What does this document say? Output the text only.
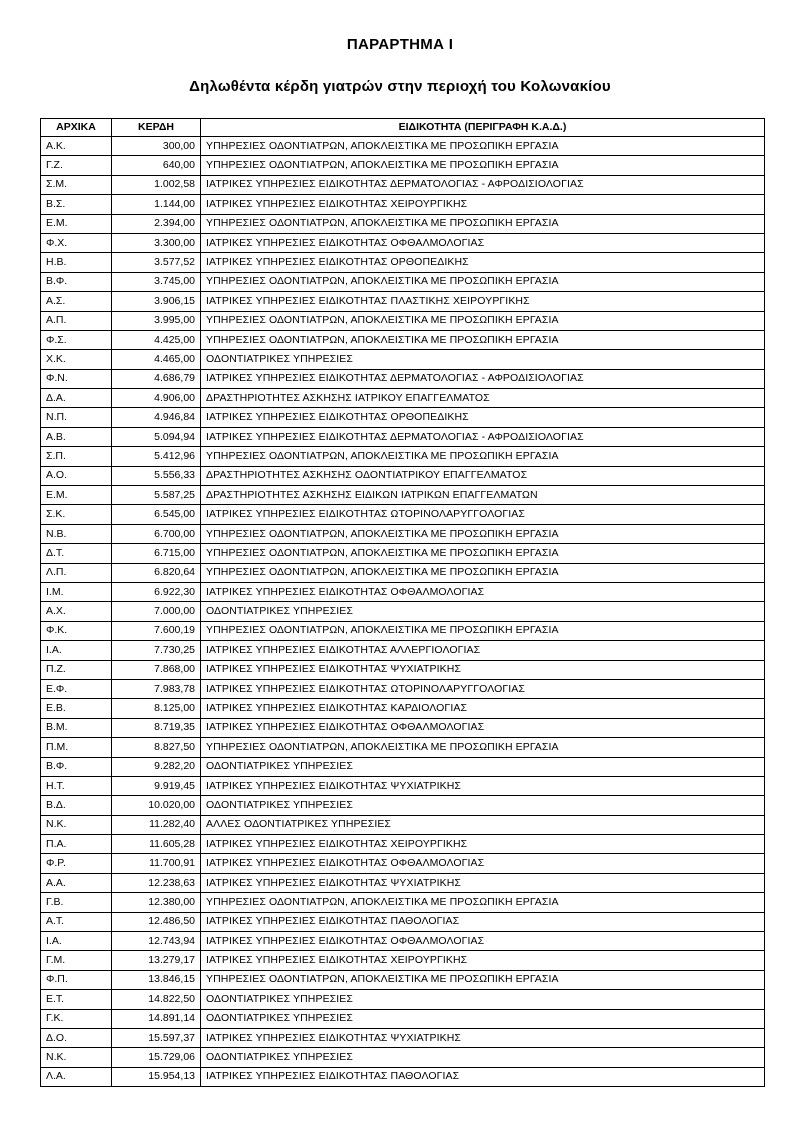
ΠΑΡΑΡΤΗΜΑ Ι
Δηλωθέντα κέρδη γιατρών στην περιοχή του Κολωνακίου
ΑΡΧΙΚΑ	ΚΕΡΔΗ	ΕΙΔΙΚΟΤΗΤΑ (ΠΕΡΙΓΡΑΦΗ Κ.Α.Δ.)
Α.Κ.	300,00	ΥΠΗΡΕΣΙΕΣ ΟΔΟΝΤΙΑΤΡΩΝ, ΑΠΟΚΛΕΙΣΤΙΚΑ ΜΕ ΠΡΟΣΩΠΙΚΗ ΕΡΓΑΣΙΑ
Γ.Ζ.	640,00	ΥΠΗΡΕΣΙΕΣ ΟΔΟΝΤΙΑΤΡΩΝ, ΑΠΟΚΛΕΙΣΤΙΚΑ ΜΕ ΠΡΟΣΩΠΙΚΗ ΕΡΓΑΣΙΑ
Σ.Μ.	1.002,58	ΙΑΤΡΙΚΕΣ ΥΠΗΡΕΣΙΕΣ ΕΙΔΙΚΟΤΗΤΑΣ ΔΕΡΜΑΤΟΛΟΓΙΑΣ - ΑΦΡΟΔΙΣΙΟΛΟΓΙΑΣ
Β.Σ.	1.144,00	ΙΑΤΡΙΚΕΣ ΥΠΗΡΕΣΙΕΣ ΕΙΔΙΚΟΤΗΤΑΣ ΧΕΙΡΟΥΡΓΙΚΗΣ
Ε.Μ.	2.394,00	ΥΠΗΡΕΣΙΕΣ ΟΔΟΝΤΙΑΤΡΩΝ, ΑΠΟΚΛΕΙΣΤΙΚΑ ΜΕ ΠΡΟΣΩΠΙΚΗ ΕΡΓΑΣΙΑ
Φ.Χ.	3.300,00	ΙΑΤΡΙΚΕΣ ΥΠΗΡΕΣΙΕΣ ΕΙΔΙΚΟΤΗΤΑΣ ΟΦΘΑΛΜΟΛΟΓΙΑΣ
Η.Β.	3.577,52	ΙΑΤΡΙΚΕΣ ΥΠΗΡΕΣΙΕΣ ΕΙΔΙΚΟΤΗΤΑΣ ΟΡΘΟΠΕΔΙΚΗΣ
Β.Φ.	3.745,00	ΥΠΗΡΕΣΙΕΣ ΟΔΟΝΤΙΑΤΡΩΝ, ΑΠΟΚΛΕΙΣΤΙΚΑ ΜΕ ΠΡΟΣΩΠΙΚΗ ΕΡΓΑΣΙΑ
Α.Σ.	3.906,15	ΙΑΤΡΙΚΕΣ ΥΠΗΡΕΣΙΕΣ ΕΙΔΙΚΟΤΗΤΑΣ ΠΛΑΣΤΙΚΗΣ ΧΕΙΡΟΥΡΓΙΚΗΣ
Α.Π.	3.995,00	ΥΠΗΡΕΣΙΕΣ ΟΔΟΝΤΙΑΤΡΩΝ, ΑΠΟΚΛΕΙΣΤΙΚΑ ΜΕ ΠΡΟΣΩΠΙΚΗ ΕΡΓΑΣΙΑ
Φ.Σ.	4.425,00	ΥΠΗΡΕΣΙΕΣ ΟΔΟΝΤΙΑΤΡΩΝ, ΑΠΟΚΛΕΙΣΤΙΚΑ ΜΕ ΠΡΟΣΩΠΙΚΗ ΕΡΓΑΣΙΑ
Χ.Κ.	4.465,00	ΟΔΟΝΤΙΑΤΡΙΚΕΣ ΥΠΗΡΕΣΙΕΣ
Φ.Ν.	4.686,79	ΙΑΤΡΙΚΕΣ ΥΠΗΡΕΣΙΕΣ ΕΙΔΙΚΟΤΗΤΑΣ ΔΕΡΜΑΤΟΛΟΓΙΑΣ - ΑΦΡΟΔΙΣΙΟΛΟΓΙΑΣ
Δ.Α.	4.906,00	ΔΡΑΣΤΗΡΙΟΤΗΤΕΣ ΑΣΚΗΣΗΣ ΙΑΤΡΙΚΟΥ ΕΠΑΓΓΕΛΜΑΤΟΣ
Ν.Π.	4.946,84	ΙΑΤΡΙΚΕΣ ΥΠΗΡΕΣΙΕΣ ΕΙΔΙΚΟΤΗΤΑΣ ΟΡΘΟΠΕΔΙΚΗΣ
Α.Β.	5.094,94	ΙΑΤΡΙΚΕΣ ΥΠΗΡΕΣΙΕΣ ΕΙΔΙΚΟΤΗΤΑΣ ΔΕΡΜΑΤΟΛΟΓΙΑΣ - ΑΦΡΟΔΙΣΙΟΛΟΓΙΑΣ
Σ.Π.	5.412,96	ΥΠΗΡΕΣΙΕΣ ΟΔΟΝΤΙΑΤΡΩΝ, ΑΠΟΚΛΕΙΣΤΙΚΑ ΜΕ ΠΡΟΣΩΠΙΚΗ ΕΡΓΑΣΙΑ
Α.Ο.	5.556,33	ΔΡΑΣΤΗΡΙΟΤΗΤΕΣ ΑΣΚΗΣΗΣ ΟΔΟΝΤΙΑΤΡΙΚΟΥ ΕΠΑΓΓΕΛΜΑΤΟΣ
Ε.Μ.	5.587,25	ΔΡΑΣΤΗΡΙΟΤΗΤΕΣ ΑΣΚΗΣΗΣ ΕΙΔΙΚΩΝ ΙΑΤΡΙΚΩΝ ΕΠΑΓΓΕΛΜΑΤΩΝ
Σ.Κ.	6.545,00	ΙΑΤΡΙΚΕΣ ΥΠΗΡΕΣΙΕΣ ΕΙΔΙΚΟΤΗΤΑΣ ΩΤΟΡΙΝΟΛΑΡΥΓΓΟΛΟΓΙΑΣ
Ν.Β.	6.700,00	ΥΠΗΡΕΣΙΕΣ ΟΔΟΝΤΙΑΤΡΩΝ, ΑΠΟΚΛΕΙΣΤΙΚΑ ΜΕ ΠΡΟΣΩΠΙΚΗ ΕΡΓΑΣΙΑ
Δ.Τ.	6.715,00	ΥΠΗΡΕΣΙΕΣ ΟΔΟΝΤΙΑΤΡΩΝ, ΑΠΟΚΛΕΙΣΤΙΚΑ ΜΕ ΠΡΟΣΩΠΙΚΗ ΕΡΓΑΣΙΑ
Λ.Π.	6.820,64	ΥΠΗΡΕΣΙΕΣ ΟΔΟΝΤΙΑΤΡΩΝ, ΑΠΟΚΛΕΙΣΤΙΚΑ ΜΕ ΠΡΟΣΩΠΙΚΗ ΕΡΓΑΣΙΑ
Ι.Μ.	6.922,30	ΙΑΤΡΙΚΕΣ ΥΠΗΡΕΣΙΕΣ ΕΙΔΙΚΟΤΗΤΑΣ ΟΦΘΑΛΜΟΛΟΓΙΑΣ
Α.Χ.	7.000,00	ΟΔΟΝΤΙΑΤΡΙΚΕΣ ΥΠΗΡΕΣΙΕΣ
Φ.Κ.	7.600,19	ΥΠΗΡΕΣΙΕΣ ΟΔΟΝΤΙΑΤΡΩΝ, ΑΠΟΚΛΕΙΣΤΙΚΑ ΜΕ ΠΡΟΣΩΠΙΚΗ ΕΡΓΑΣΙΑ
Ι.Α.	7.730,25	ΙΑΤΡΙΚΕΣ ΥΠΗΡΕΣΙΕΣ ΕΙΔΙΚΟΤΗΤΑΣ ΑΛΛΕΡΓΙΟΛΟΓΙΑΣ
Π.Ζ.	7.868,00	ΙΑΤΡΙΚΕΣ ΥΠΗΡΕΣΙΕΣ ΕΙΔΙΚΟΤΗΤΑΣ ΨΥΧΙΑΤΡΙΚΗΣ
Ε.Φ.	7.983,78	ΙΑΤΡΙΚΕΣ ΥΠΗΡΕΣΙΕΣ ΕΙΔΙΚΟΤΗΤΑΣ ΩΤΟΡΙΝΟΛΑΡΥΓΓΟΛΟΓΙΑΣ
Ε.Β.	8.125,00	ΙΑΤΡΙΚΕΣ ΥΠΗΡΕΣΙΕΣ ΕΙΔΙΚΟΤΗΤΑΣ ΚΑΡΔΙΟΛΟΓΙΑΣ
Β.Μ.	8.719,35	ΙΑΤΡΙΚΕΣ ΥΠΗΡΕΣΙΕΣ ΕΙΔΙΚΟΤΗΤΑΣ ΟΦΘΑΛΜΟΛΟΓΙΑΣ
Π.Μ.	8.827,50	ΥΠΗΡΕΣΙΕΣ ΟΔΟΝΤΙΑΤΡΩΝ, ΑΠΟΚΛΕΙΣΤΙΚΑ ΜΕ ΠΡΟΣΩΠΙΚΗ ΕΡΓΑΣΙΑ
Β.Φ.	9.282,20	ΟΔΟΝΤΙΑΤΡΙΚΕΣ ΥΠΗΡΕΣΙΕΣ
Η.Τ.	9.919,45	ΙΑΤΡΙΚΕΣ ΥΠΗΡΕΣΙΕΣ ΕΙΔΙΚΟΤΗΤΑΣ ΨΥΧΙΑΤΡΙΚΗΣ
Β.Δ.	10.020,00	ΟΔΟΝΤΙΑΤΡΙΚΕΣ ΥΠΗΡΕΣΙΕΣ
Ν.Κ.	11.282,40	ΑΛΛΕΣ ΟΔΟΝΤΙΑΤΡΙΚΕΣ ΥΠΗΡΕΣΙΕΣ
Π.Α.	11.605,28	ΙΑΤΡΙΚΕΣ ΥΠΗΡΕΣΙΕΣ ΕΙΔΙΚΟΤΗΤΑΣ ΧΕΙΡΟΥΡΓΙΚΗΣ
Φ.Ρ.	11.700,91	ΙΑΤΡΙΚΕΣ ΥΠΗΡΕΣΙΕΣ ΕΙΔΙΚΟΤΗΤΑΣ ΟΦΘΑΛΜΟΛΟΓΙΑΣ
Α.Α.	12.238,63	ΙΑΤΡΙΚΕΣ ΥΠΗΡΕΣΙΕΣ ΕΙΔΙΚΟΤΗΤΑΣ ΨΥΧΙΑΤΡΙΚΗΣ
Γ.Β.	12.380,00	ΥΠΗΡΕΣΙΕΣ ΟΔΟΝΤΙΑΤΡΩΝ, ΑΠΟΚΛΕΙΣΤΙΚΑ ΜΕ ΠΡΟΣΩΠΙΚΗ ΕΡΓΑΣΙΑ
Α.Τ.	12.486,50	ΙΑΤΡΙΚΕΣ ΥΠΗΡΕΣΙΕΣ ΕΙΔΙΚΟΤΗΤΑΣ ΠΑΘΟΛΟΓΙΑΣ
Ι.Α.	12.743,94	ΙΑΤΡΙΚΕΣ ΥΠΗΡΕΣΙΕΣ ΕΙΔΙΚΟΤΗΤΑΣ ΟΦΘΑΛΜΟΛΟΓΙΑΣ
Γ.Μ.	13.279,17	ΙΑΤΡΙΚΕΣ ΥΠΗΡΕΣΙΕΣ ΕΙΔΙΚΟΤΗΤΑΣ ΧΕΙΡΟΥΡΓΙΚΗΣ
Φ.Π.	13.846,15	ΥΠΗΡΕΣΙΕΣ ΟΔΟΝΤΙΑΤΡΩΝ, ΑΠΟΚΛΕΙΣΤΙΚΑ ΜΕ ΠΡΟΣΩΠΙΚΗ ΕΡΓΑΣΙΑ
Ε.Τ.	14.822,50	ΟΔΟΝΤΙΑΤΡΙΚΕΣ ΥΠΗΡΕΣΙΕΣ
Γ.Κ.	14.891,14	ΟΔΟΝΤΙΑΤΡΙΚΕΣ ΥΠΗΡΕΣΙΕΣ
Δ.Ο.	15.597,37	ΙΑΤΡΙΚΕΣ ΥΠΗΡΕΣΙΕΣ ΕΙΔΙΚΟΤΗΤΑΣ ΨΥΧΙΑΤΡΙΚΗΣ
Ν.Κ.	15.729,06	ΟΔΟΝΤΙΑΤΡΙΚΕΣ ΥΠΗΡΕΣΙΕΣ
Λ.Α.	15.954,13	ΙΑΤΡΙΚΕΣ ΥΠΗΡΕΣΙΕΣ ΕΙΔΙΚΟΤΗΤΑΣ ΠΑΘΟΛΟΓΙΑΣ
